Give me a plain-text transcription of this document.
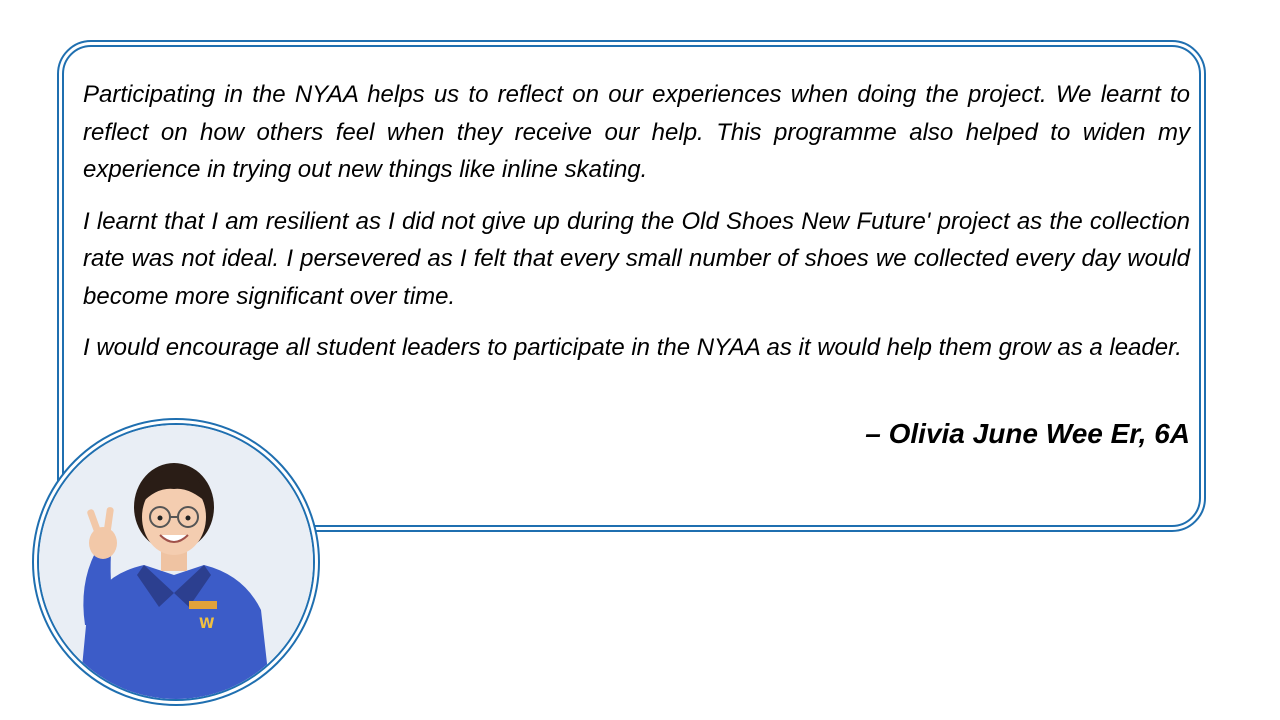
Participating in the NYAA helps us to reflect on our experiences when doing the project. We learnt to reflect on how others feel when they receive our help. This programme also helped to widen my experience in trying out new things like inline skating.

I learnt that I am resilient as I did not give up during the Old Shoes New Future' project as the collection rate was not ideal. I persevered as I felt that every small number of shoes we collected every day would become more significant over time.

I would encourage all student leaders to participate in the NYAA as it would help them grow as a leader.

– Olivia June Wee Er, 6A
W
